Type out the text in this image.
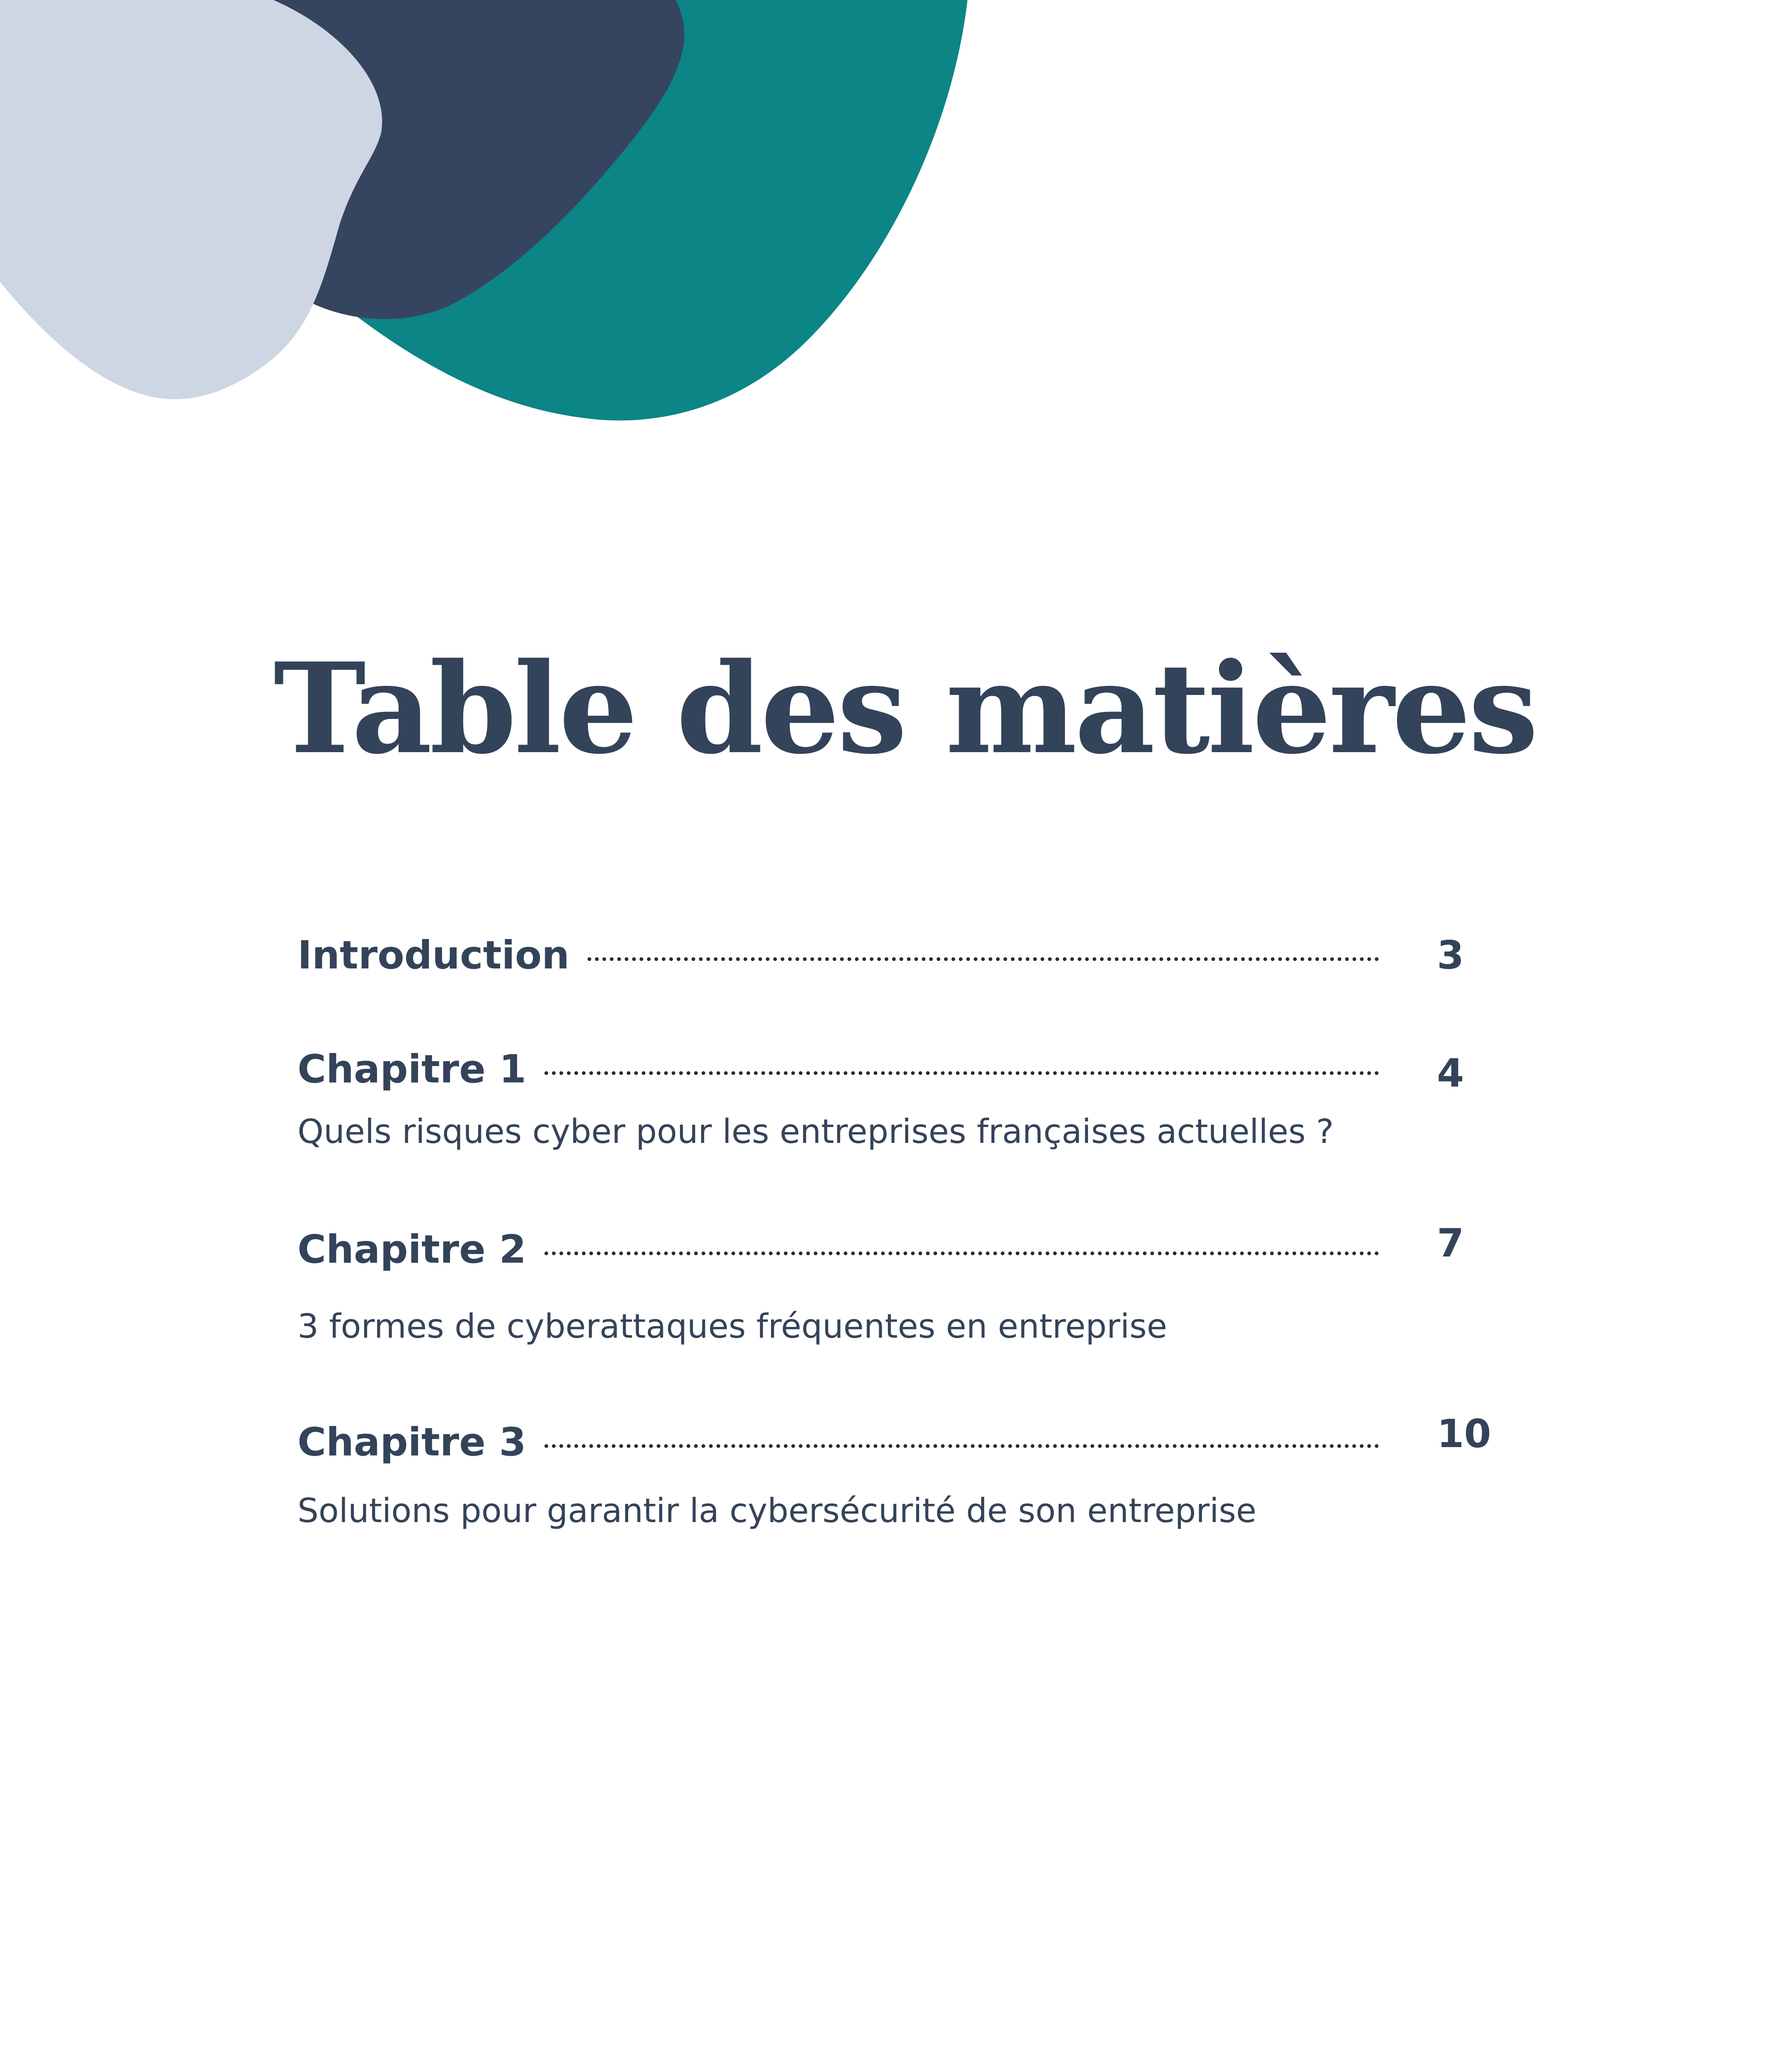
Table des matières
Introduction	3
Chapitre 1	4
Quels risques cyber pour les entreprises françaises actuelles ?
Chapitre 2	7
3 formes de cyberattaques fréquentes en entreprise
Chapitre 3	10
Solutions pour garantir la cybersécurité de son entreprise
